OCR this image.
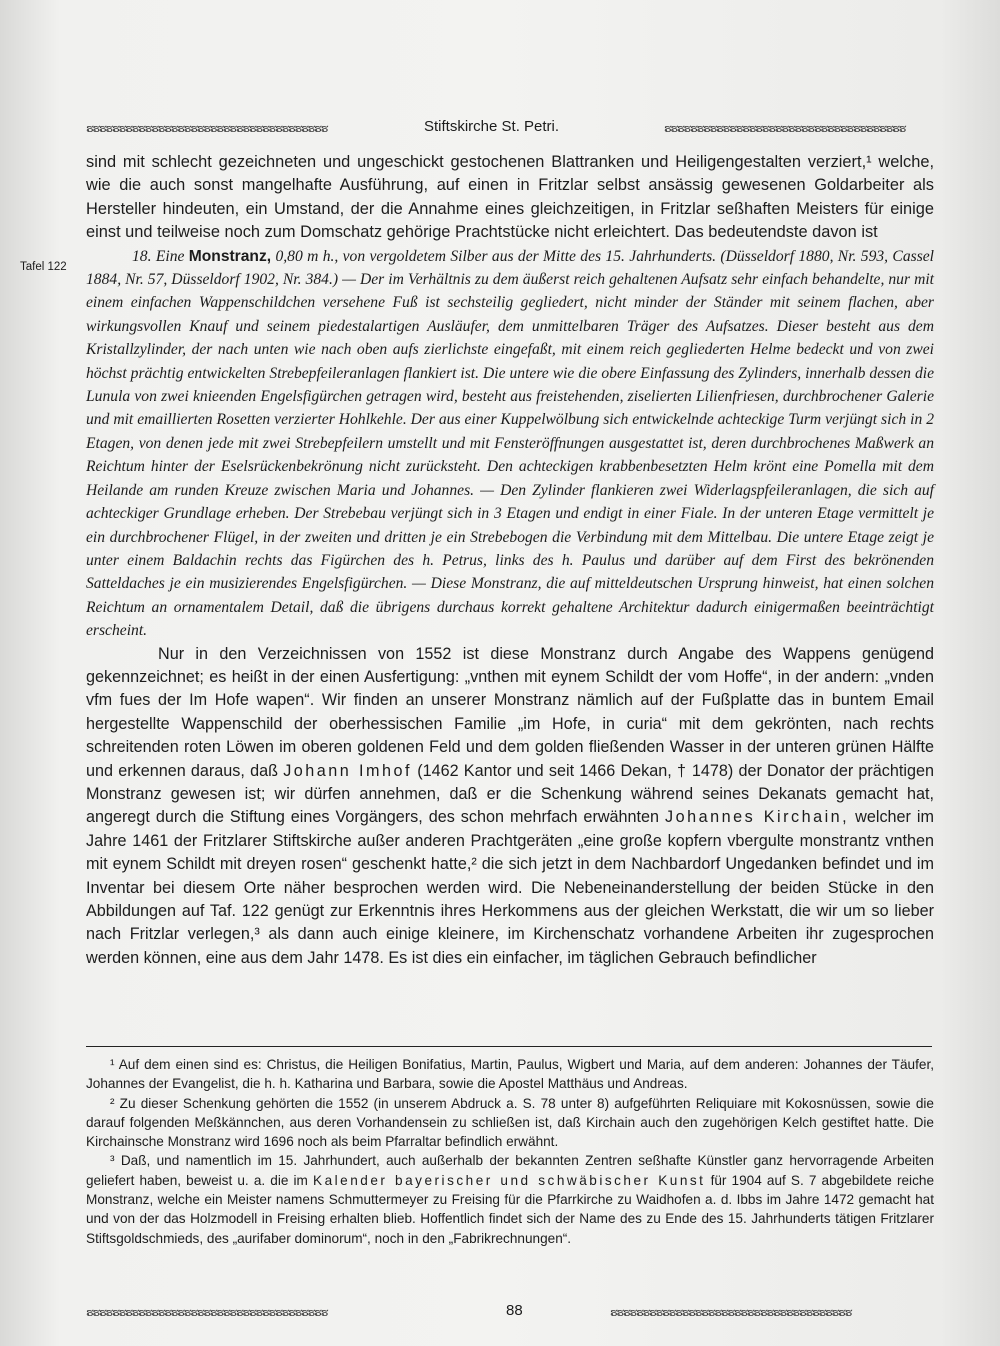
ຮຮຮຮຮຮຮຮຮຮຮຮຮຮຮຮຮຮຮຮຮຮຮຮຮຮຮຮຮຮຮຮຮຮຮຮຮ	Stiftskirche St. Petri.	ຮຮຮຮຮຮຮຮຮຮຮຮຮຮຮຮຮຮຮຮຮຮຮຮຮຮຮຮຮຮຮຮຮຮຮຮຮ
Tafel 122

sind mit schlecht gezeichneten und ungeschickt gestochenen Blattranken und Heiligengestalten verziert,¹ welche, wie die auch sonst mangelhafte Ausführung, auf einen in Fritzlar selbst ansässig gewesenen Goldarbeiter als Hersteller hindeuten, ein Umstand, der die Annahme eines gleichzeitigen, in Fritzlar seßhaften Meisters für einige einst und teilweise noch zum Domschatz gehörige Prachtstücke nicht erleichtert. Das bedeutendste davon ist

18. Eine Monstranz, 0,80 m h., von vergoldetem Silber aus der Mitte des 15. Jahrhunderts. (Düsseldorf 1880, Nr. 593, Cassel 1884, Nr. 57, Düsseldorf 1902, Nr. 384.) — Der im Verhältnis zu dem äußerst reich gehaltenen Aufsatz sehr einfach behandelte, nur mit einem einfachen Wappenschildchen versehene Fuß ist sechsteilig gegliedert, nicht minder der Ständer mit seinem flachen, aber wirkungsvollen Knauf und seinem piedestalartigen Ausläufer, dem unmittelbaren Träger des Aufsatzes. Dieser besteht aus dem Kristallzylinder, der nach unten wie nach oben aufs zierlichste eingefaßt, mit einem reich gegliederten Helme bedeckt und von zwei höchst prächtig entwickelten Strebepfeileranlagen flankiert ist. Die untere wie die obere Einfassung des Zylinders, innerhalb dessen die Lunula von zwei knieenden Engelsfigürchen getragen wird, besteht aus freistehenden, ziselierten Lilienfriesen, durchbrochener Galerie und mit emaillierten Rosetten verzierter Hohlkehle. Der aus einer Kuppelwölbung sich entwickelnde achteckige Turm verjüngt sich in 2 Etagen, von denen jede mit zwei Strebepfeilern umstellt und mit Fensteröffnungen ausgestattet ist, deren durchbrochenes Maßwerk an Reichtum hinter der Eselsrückenbekrönung nicht zurücksteht. Den achteckigen krabbenbesetzten Helm krönt eine Pomella mit dem Heilande am runden Kreuze zwischen Maria und Johannes. — Den Zylinder flankieren zwei Widerlagspfeileranlagen, die sich auf achteckiger Grundlage erheben. Der Strebebau verjüngt sich in 3 Etagen und endigt in einer Fiale. In der unteren Etage vermittelt je ein durchbrochener Flügel, in der zweiten und dritten je ein Strebebogen die Verbindung mit dem Mittelbau. Die untere Etage zeigt je unter einem Baldachin rechts das Figürchen des h. Petrus, links des h. Paulus und darüber auf dem First des bekrönenden Satteldaches je ein musizierendes Engelsfigürchen. — Diese Monstranz, die auf mitteldeutschen Ursprung hinweist, hat einen solchen Reichtum an ornamentalem Detail, daß die übrigens durchaus korrekt gehaltene Architektur dadurch einigermaßen beeinträchtigt erscheint.

Nur in den Verzeichnissen von 1552 ist diese Monstranz durch Angabe des Wappens genügend gekennzeichnet; es heißt in der einen Ausfertigung: „vnthen mit eynem Schildt der vom Hoffe“, in der andern: „vnden vfm fues der Im Hofe wapen“. Wir finden an unserer Monstranz nämlich auf der Fußplatte das in buntem Email hergestellte Wappenschild der oberhessischen Familie „im Hofe, in curia“ mit dem gekrönten, nach rechts schreitenden roten Löwen im oberen goldenen Feld und dem golden fließenden Wasser in der unteren grünen Hälfte und erkennen daraus, daß Johann Imhof (1462 Kantor und seit 1466 Dekan, † 1478) der Donator der prächtigen Monstranz gewesen ist; wir dürfen annehmen, daß er die Schenkung während seines Dekanats gemacht hat, angeregt durch die Stiftung eines Vorgängers, des schon mehrfach erwähnten Johannes Kirchain, welcher im Jahre 1461 der Fritzlarer Stiftskirche außer anderen Prachtgeräten „eine große kopfern vbergulte monstrantz vnthen mit eynem Schildt mit dreyen rosen“ geschenkt hatte,² die sich jetzt in dem Nachbardorf Ungedanken befindet und im Inventar bei diesem Orte näher besprochen werden wird. Die Nebeneinanderstellung der beiden Stücke in den Abbildungen auf Taf. 122 genügt zur Erkenntnis ihres Herkommens aus der gleichen Werkstatt, die wir um so lieber nach Fritzlar verlegen,³ als dann auch einige kleinere, im Kirchenschatz vorhandene Arbeiten ihr zugesprochen werden können, eine aus dem Jahr 1478. Es ist dies ein einfacher, im täglichen Gebrauch befindlicher

¹ Auf dem einen sind es: Christus, die Heiligen Bonifatius, Martin, Paulus, Wigbert und Maria, auf dem anderen: Johannes der Täufer, Johannes der Evangelist, die h. h. Katharina und Barbara, sowie die Apostel Matthäus und Andreas.

² Zu dieser Schenkung gehörten die 1552 (in unserem Abdruck a. S. 78 unter 8) aufgeführten Reliquiare mit Kokosnüssen, sowie die darauf folgenden Meßkännchen, aus deren Vorhandensein zu schließen ist, daß Kirchain auch den zugehörigen Kelch gestiftet hatte. Die Kirchainsche Monstranz wird 1696 noch als beim Pfarraltar befindlich erwähnt.

³ Daß, und namentlich im 15. Jahrhundert, auch außerhalb der bekannten Zentren seßhafte Künstler ganz hervorragende Arbeiten geliefert haben, beweist u. a. die im Kalender bayerischer und schwäbischer Kunst für 1904 auf S. 7 abgebildete reiche Monstranz, welche ein Meister namens Schmuttermeyer zu Freising für die Pfarrkirche zu Waidhofen a. d. Ibbs im Jahre 1472 gemacht hat und von der das Holzmodell in Freising erhalten blieb. Hoffentlich findet sich der Name des zu Ende des 15. Jahrhunderts tätigen Fritzlarer Stiftsgoldschmieds, des „aurifaber dominorum“, noch in den „Fabrikrechnungen“.

ຮຮຮຮຮຮຮຮຮຮຮຮຮຮຮຮຮຮຮຮຮຮຮຮຮຮຮຮຮຮຮຮຮຮຮຮຮ	88	ຮຮຮຮຮຮຮຮຮຮຮຮຮຮຮຮຮຮຮຮຮຮຮຮຮຮຮຮຮຮຮຮຮຮຮຮຮ
